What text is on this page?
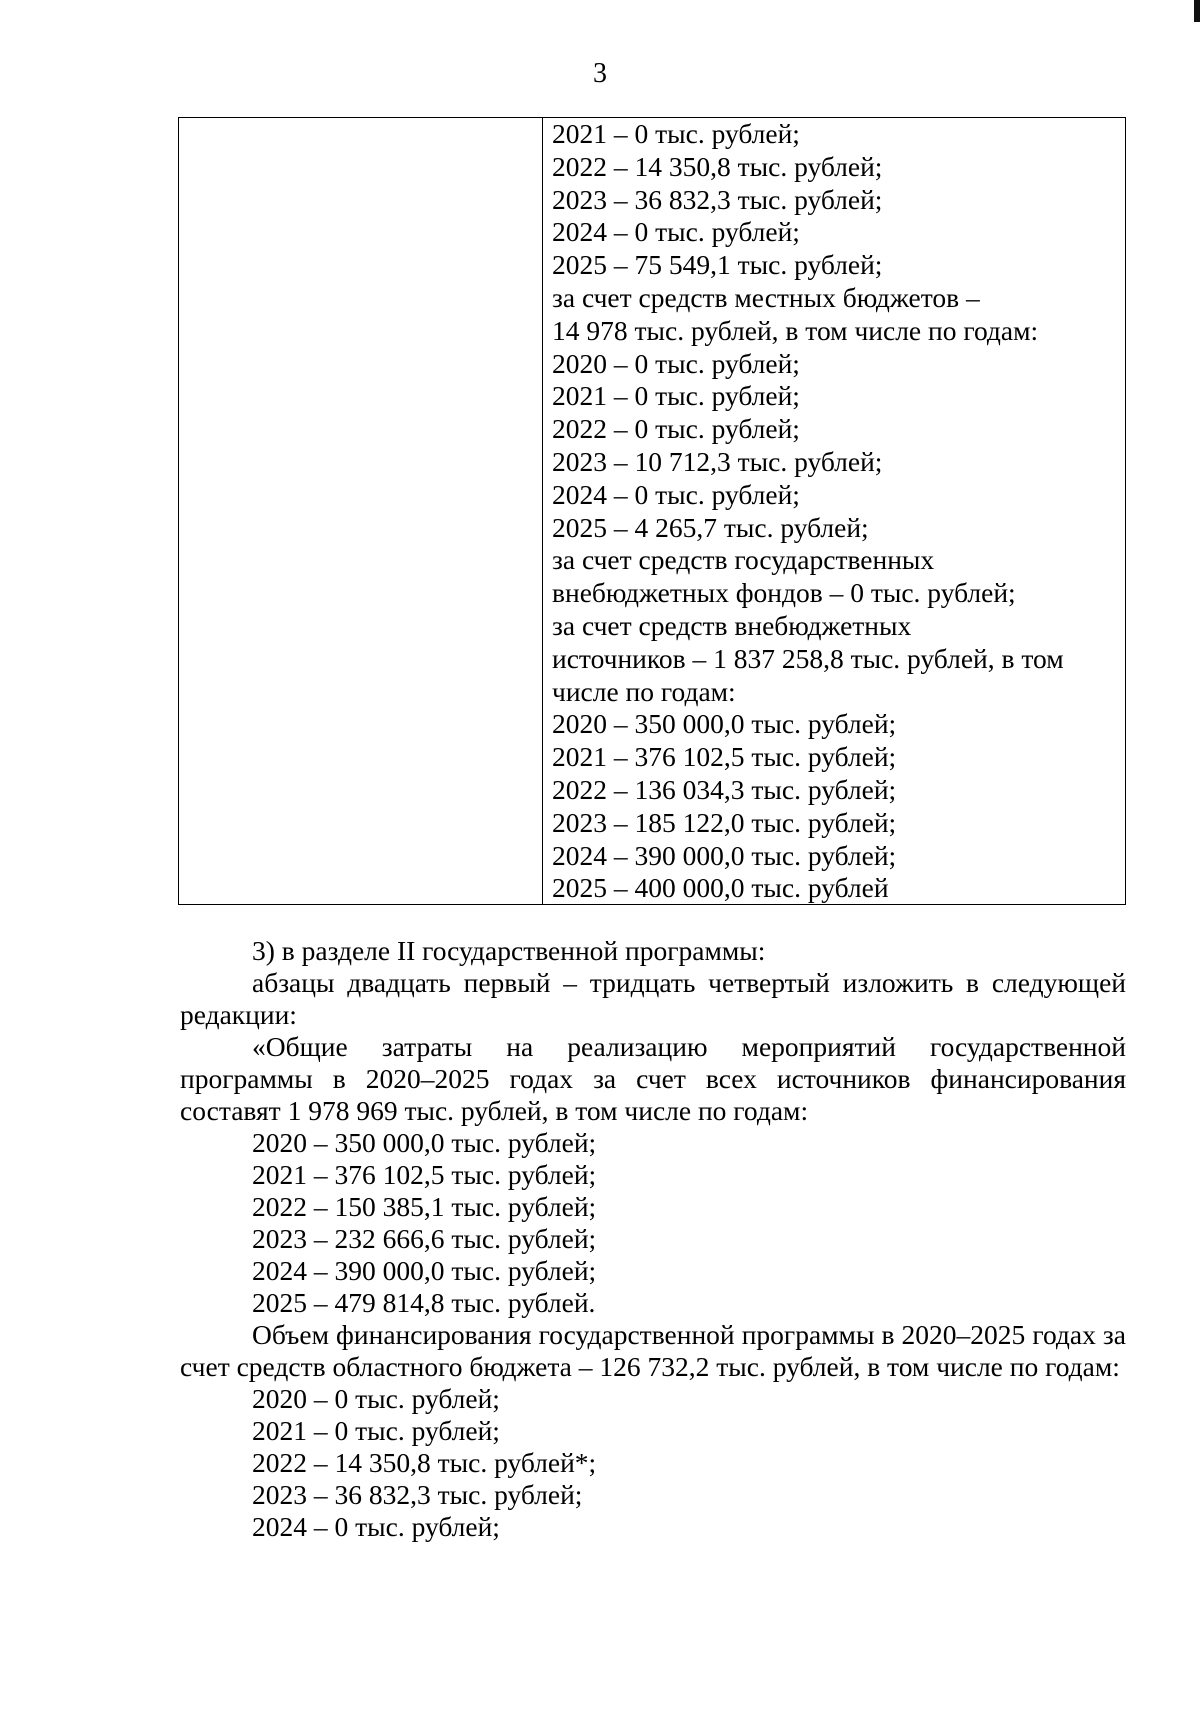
3
2021 – 0 тыс. рублей;
2022 – 14 350,8 тыс. рублей;
2023 – 36 832,3 тыс. рублей;
2024 – 0 тыс. рублей;
2025 – 75 549,1 тыс. рублей;
за счет средств местных бюджетов –
14 978 тыс. рублей, в том числе по годам:
2020 – 0 тыс. рублей;
2021 – 0 тыс. рублей;
2022 – 0 тыс. рублей;
2023 – 10 712,3 тыс. рублей;
2024 – 0 тыс. рублей;
2025 – 4 265,7 тыс. рублей;
за счет средств государственных
внебюджетных фондов – 0 тыс. рублей;
за счет средств внебюджетных
источников – 1 837 258,8 тыс. рублей, в том
числе по годам:
2020 – 350 000,0 тыс. рублей;
2021 – 376 102,5 тыс. рублей;
2022 – 136 034,3 тыс. рублей;
2023 – 185 122,0 тыс. рублей;
2024 – 390 000,0 тыс. рублей;
2025 – 400 000,0 тыс. рублей

3) в разделе II государственной программы:

абзацы двадцать первый – тридцать четвертый изложить в следующей редакции:

«Общие затраты на реализацию мероприятий государственной программы в 2020–2025 годах за счет всех источников финансирования составят 1 978 969 тыс. рублей, в том числе по годам:

2020 – 350 000,0 тыс. рублей;
2021 – 376 102,5 тыс. рублей;
2022 – 150 385,1 тыс. рублей;
2023 – 232 666,6 тыс. рублей;
2024 – 390 000,0 тыс. рублей;
2025 – 479 814,8 тыс. рублей.

Объем финансирования государственной программы в 2020–2025 годах за счет средств областного бюджета – 126 732,2 тыс. рублей, в том числе по годам:

2020 – 0 тыс. рублей;
2021 – 0 тыс. рублей;
2022 – 14 350,8 тыс. рублей*;
2023 – 36 832,3 тыс. рублей;
2024 – 0 тыс. рублей;
